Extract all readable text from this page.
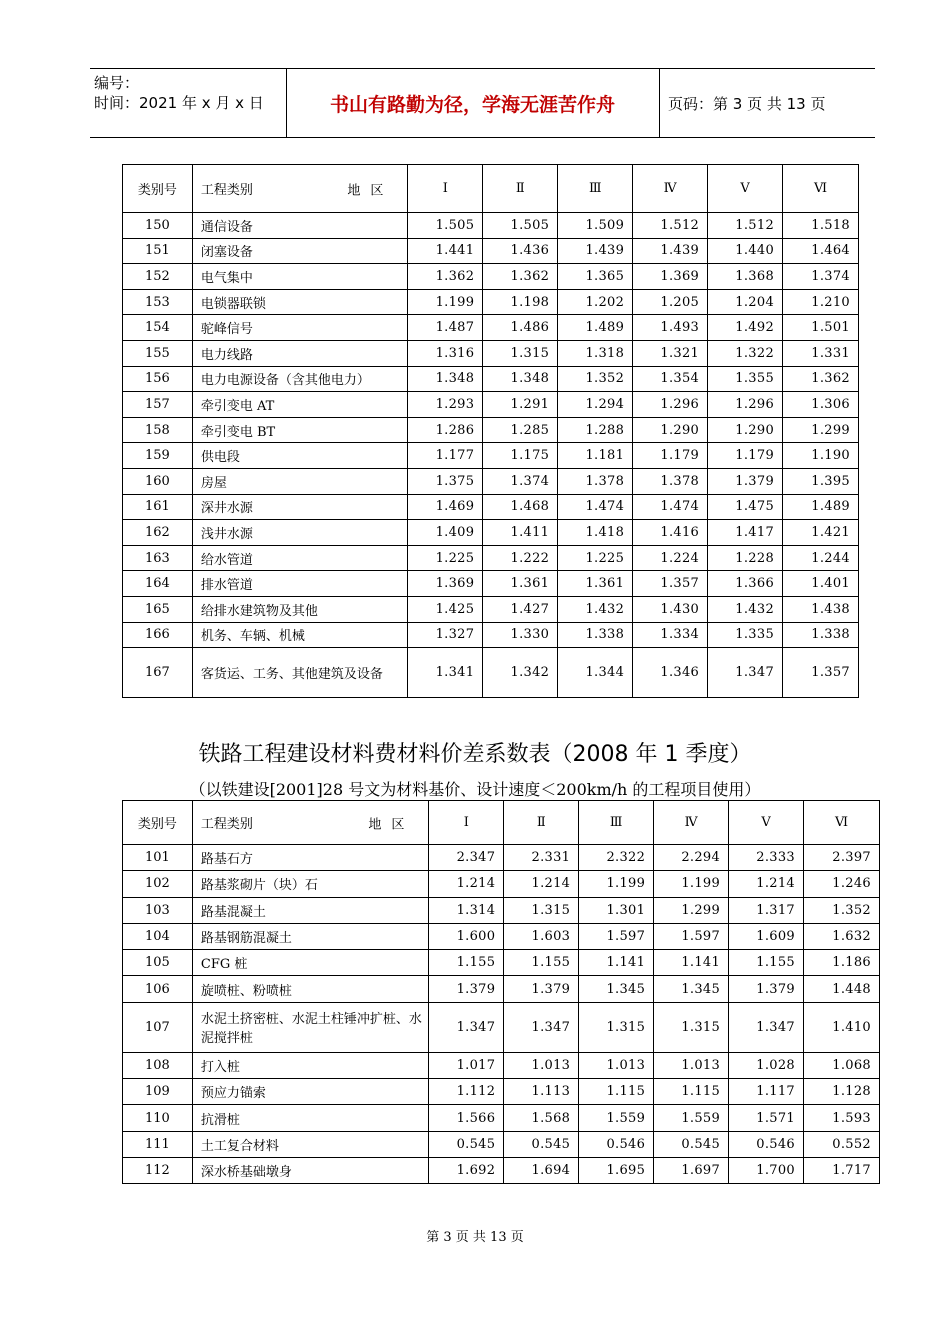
编号：
时间：2021 年 x 月 x 日	书山有路勤为径，学海无涯苦作舟	页码：第 3 页 共 13 页
类别号	工程类别 地区	Ⅰ	Ⅱ	Ⅲ	Ⅳ	Ⅴ	Ⅵ
150	通信设备	1.505	1.505	1.509	1.512	1.512	1.518
151	闭塞设备	1.441	1.436	1.439	1.439	1.440	1.464
152	电气集中	1.362	1.362	1.365	1.369	1.368	1.374
153	电锁器联锁	1.199	1.198	1.202	1.205	1.204	1.210
154	驼峰信号	1.487	1.486	1.489	1.493	1.492	1.501
155	电力线路	1.316	1.315	1.318	1.321	1.322	1.331
156	电力电源设备（含其他电力）	1.348	1.348	1.352	1.354	1.355	1.362
157	牵引变电 AT	1.293	1.291	1.294	1.296	1.296	1.306
158	牵引变电 BT	1.286	1.285	1.288	1.290	1.290	1.299
159	供电段	1.177	1.175	1.181	1.179	1.179	1.190
160	房屋	1.375	1.374	1.378	1.378	1.379	1.395
161	深井水源	1.469	1.468	1.474	1.474	1.475	1.489
162	浅井水源	1.409	1.411	1.418	1.416	1.417	1.421
163	给水管道	1.225	1.222	1.225	1.224	1.228	1.244
164	排水管道	1.369	1.361	1.361	1.357	1.366	1.401
165	给排水建筑物及其他	1.425	1.427	1.432	1.430	1.432	1.438
166	机务、车辆、机械	1.327	1.330	1.338	1.334	1.335	1.338
167	客货运、工务、其他建筑及设备	1.341	1.342	1.344	1.346	1.347	1.357
铁路工程建设材料费材料价差系数表（2008 年 1 季度）
（以铁建设[2001]28 号文为材料基价、设计速度＜200km/h 的工程项目使用）
类别号	工程类别 地区	Ⅰ	Ⅱ	Ⅲ	Ⅳ	Ⅴ	Ⅵ
101	路基石方	2.347	2.331	2.322	2.294	2.333	2.397
102	路基浆砌片（块）石	1.214	1.214	1.199	1.199	1.214	1.246
103	路基混凝土	1.314	1.315	1.301	1.299	1.317	1.352
104	路基钢筋混凝土	1.600	1.603	1.597	1.597	1.609	1.632
105	CFG 桩	1.155	1.155	1.141	1.141	1.155	1.186
106	旋喷桩、粉喷桩	1.379	1.379	1.345	1.345	1.379	1.448
107	水泥土挤密桩、水泥土柱锤冲扩桩、水泥搅拌桩	1.347	1.347	1.315	1.315	1.347	1.410
108	打入桩	1.017	1.013	1.013	1.013	1.028	1.068
109	预应力锚索	1.112	1.113	1.115	1.115	1.117	1.128
110	抗滑桩	1.566	1.568	1.559	1.559	1.571	1.593
111	土工复合材料	0.545	0.545	0.546	0.545	0.546	0.552
112	深水桥基础墩身	1.692	1.694	1.695	1.697	1.700	1.717
第 3 页 共 13 页
